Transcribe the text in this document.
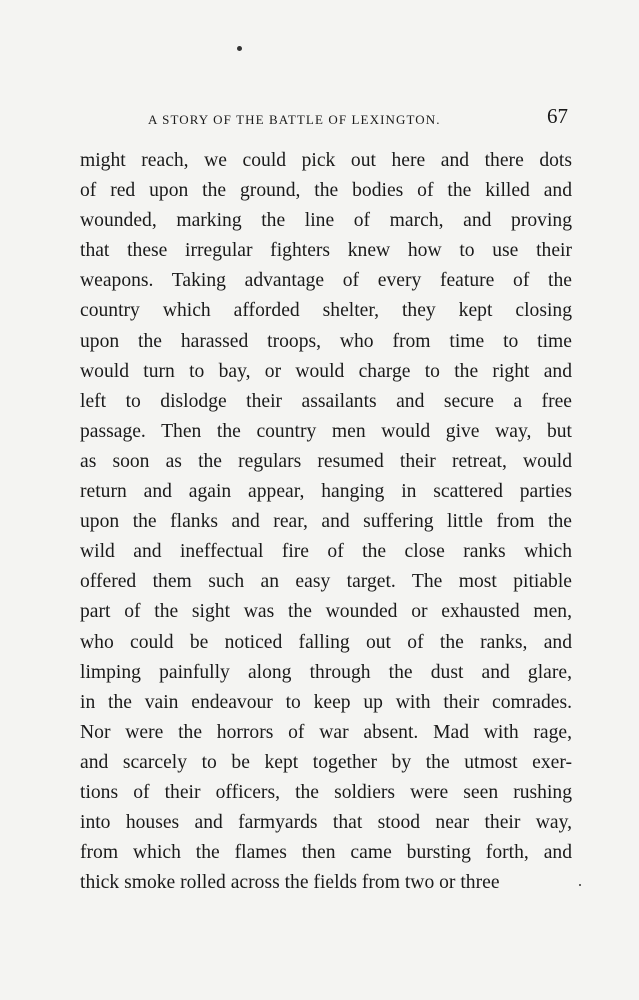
A STORY OF THE BATTLE OF LEXINGTON.	67
might reach, we could pick out here and there dots
of red upon the ground, the bodies of the killed and
wounded, marking the line of march, and proving
that these irregular fighters knew how to use their
weapons. Taking advantage of every feature of the
country which afforded shelter, they kept closing
upon the harassed troops, who from time to time
would turn to bay, or would charge to the right and
left to dislodge their assailants and secure a free
passage. Then the country men would give way, but
as soon as the regulars resumed their retreat, would
return and again appear, hanging in scattered parties
upon the flanks and rear, and suffering little from the
wild and ineffectual fire of the close ranks which
offered them such an easy target. The most pitiable
part of the sight was the wounded or exhausted men,
who could be noticed falling out of the ranks, and
limping painfully along through the dust and glare,
in the vain endeavour to keep up with their comrades.
Nor were the horrors of war absent. Mad with rage,
and scarcely to be kept together by the utmost exer-
tions of their officers, the soldiers were seen rushing
into houses and farmyards that stood near their way,
from which the flames then came bursting forth, and
thick smoke rolled across the fields from two or three
